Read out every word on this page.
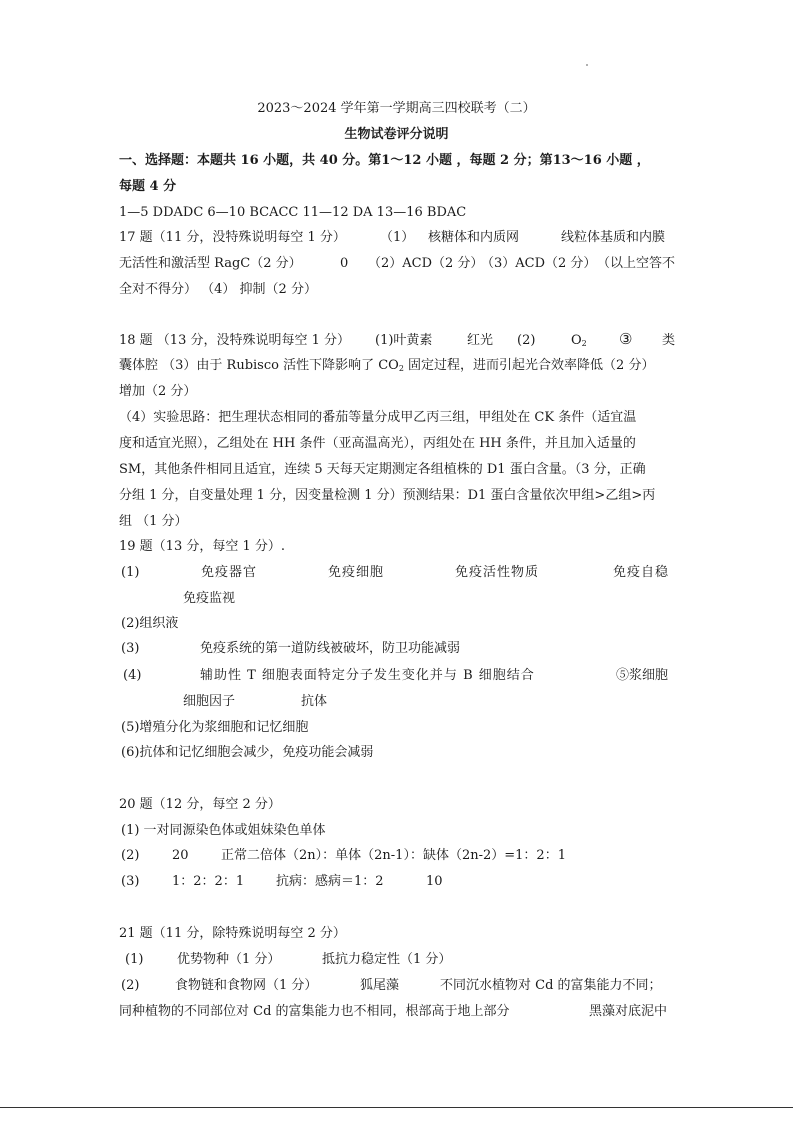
2023～2024 学年第一学期高三四校联考（二）
生物试卷评分说明
一、选择题：本题共 16 小题，共 40 分。第1～12 小题 ，每题 2 分；第13～16 小题 ，
每题 4 分
1—5 DDADC 6—10 BCACC 11—12 DA 13—16 BDAC
17 题（11 分，没特殊说明每空 1 分）	（1） 核糖体和内质网	线粒体基质和内膜
无活性和激活型 RagC（2 分）	0 （2）ACD（2 分）
（3）ACD（2 分） （以上空答不
全对不得分） （4） 抑制（2 分）
18 题 （13 分，没特殊说明每空 1 分） (1)叶黄素	红光 (2)	$O_2$ ③ 类
囊体腔 （3）由于 Rubisco 活性下降影响了 $CO_2$ 固定过程，进而引起光合效率降低（2 分）
增加（2 分）
（4）实验思路：把生理状态相同的番茄等量分成甲乙丙三组，甲组处在 CK 条件（适宜温
度和适宜光照），乙组处在 HH 条件（亚高温高光），丙组处在 HH 条件，并且加入适量的
SM，其他条件相同且适宜，连续 5 天每天定期测定各组植株的 D1 蛋白含量。（3 分，正确
分组 1 分，自变量处理 1 分，因变量检测 1 分）预测结果：D1 蛋白含量依次甲组>乙组>丙
组 （1 分）
19 题（13 分，每空 1 分）.
(1)	免疫器官	免疫细胞	免疫活性物质	免疫自稳
免疫监视
(2)组织液
(3)	免疫系统的第一道防线被破坏，防卫功能减弱
(4)	辅助性 T 细胞表面特定分子发生变化并与 B 细胞结合	⑤浆细胞
细胞因子	抗体
(5)增殖分化为浆细胞和记忆细胞
(6)抗体和记忆细胞会减少，免疫功能会减弱
20 题（12 分，每空 2 分）
(1) 一对同源染色体或姐妹染色单体
(2)	20 正常二倍体（2n）：单体（2n-1）：缺体（2n-2）=1：2：1
(3)	1：2：2：1 抗病：感病＝1：2	10
21 题（11 分，除特殊说明每空 2 分）
(1)	优势物种（1 分）	抵抗力稳定性（1 分）
(2)	食物链和食物网（1 分）	狐尾藻	不同沉水植物对 Cd 的富集能力不同；
同种植物的不同部位对 Cd 的富集能力也不相同，根部高于地上部分	黑藻对底泥中
